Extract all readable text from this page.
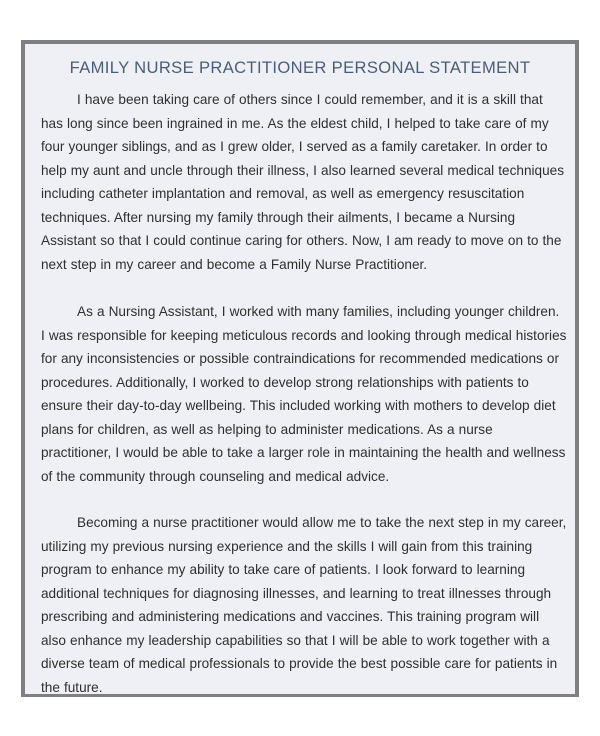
FAMILY NURSE PRACTITIONER PERSONAL STATEMENT

I have been taking care of others since I could remember, and it is a skill that has long since been ingrained in me. As the eldest child, I helped to take care of my four younger siblings, and as I grew older, I served as a family caretaker. In order to help my aunt and uncle through their illness, I also learned several medical techniques including catheter implantation and removal, as well as emergency resuscitation techniques. After nursing my family through their ailments, I became a Nursing Assistant so that I could continue caring for others. Now, I am ready to move on to the next step in my career and become a Family Nurse Practitioner.

As a Nursing Assistant, I worked with many families, including younger children. I was responsible for keeping meticulous records and looking through medical histories for any inconsistencies or possible contraindications for recommended medications or procedures. Additionally, I worked to develop strong relationships with patients to ensure their day-to-day wellbeing. This included working with mothers to develop diet plans for children, as well as helping to administer medications. As a nurse practitioner, I would be able to take a larger role in maintaining the health and wellness of the community through counseling and medical advice.

Becoming a nurse practitioner would allow me to take the next step in my career, utilizing my previous nursing experience and the skills I will gain from this training program to enhance my ability to take care of patients. I look forward to learning additional techniques for diagnosing illnesses, and learning to treat illnesses through prescribing and administering medications and vaccines. This training program will also enhance my leadership capabilities so that I will be able to work together with a diverse team of medical professionals to provide the best possible care for patients in the future.
